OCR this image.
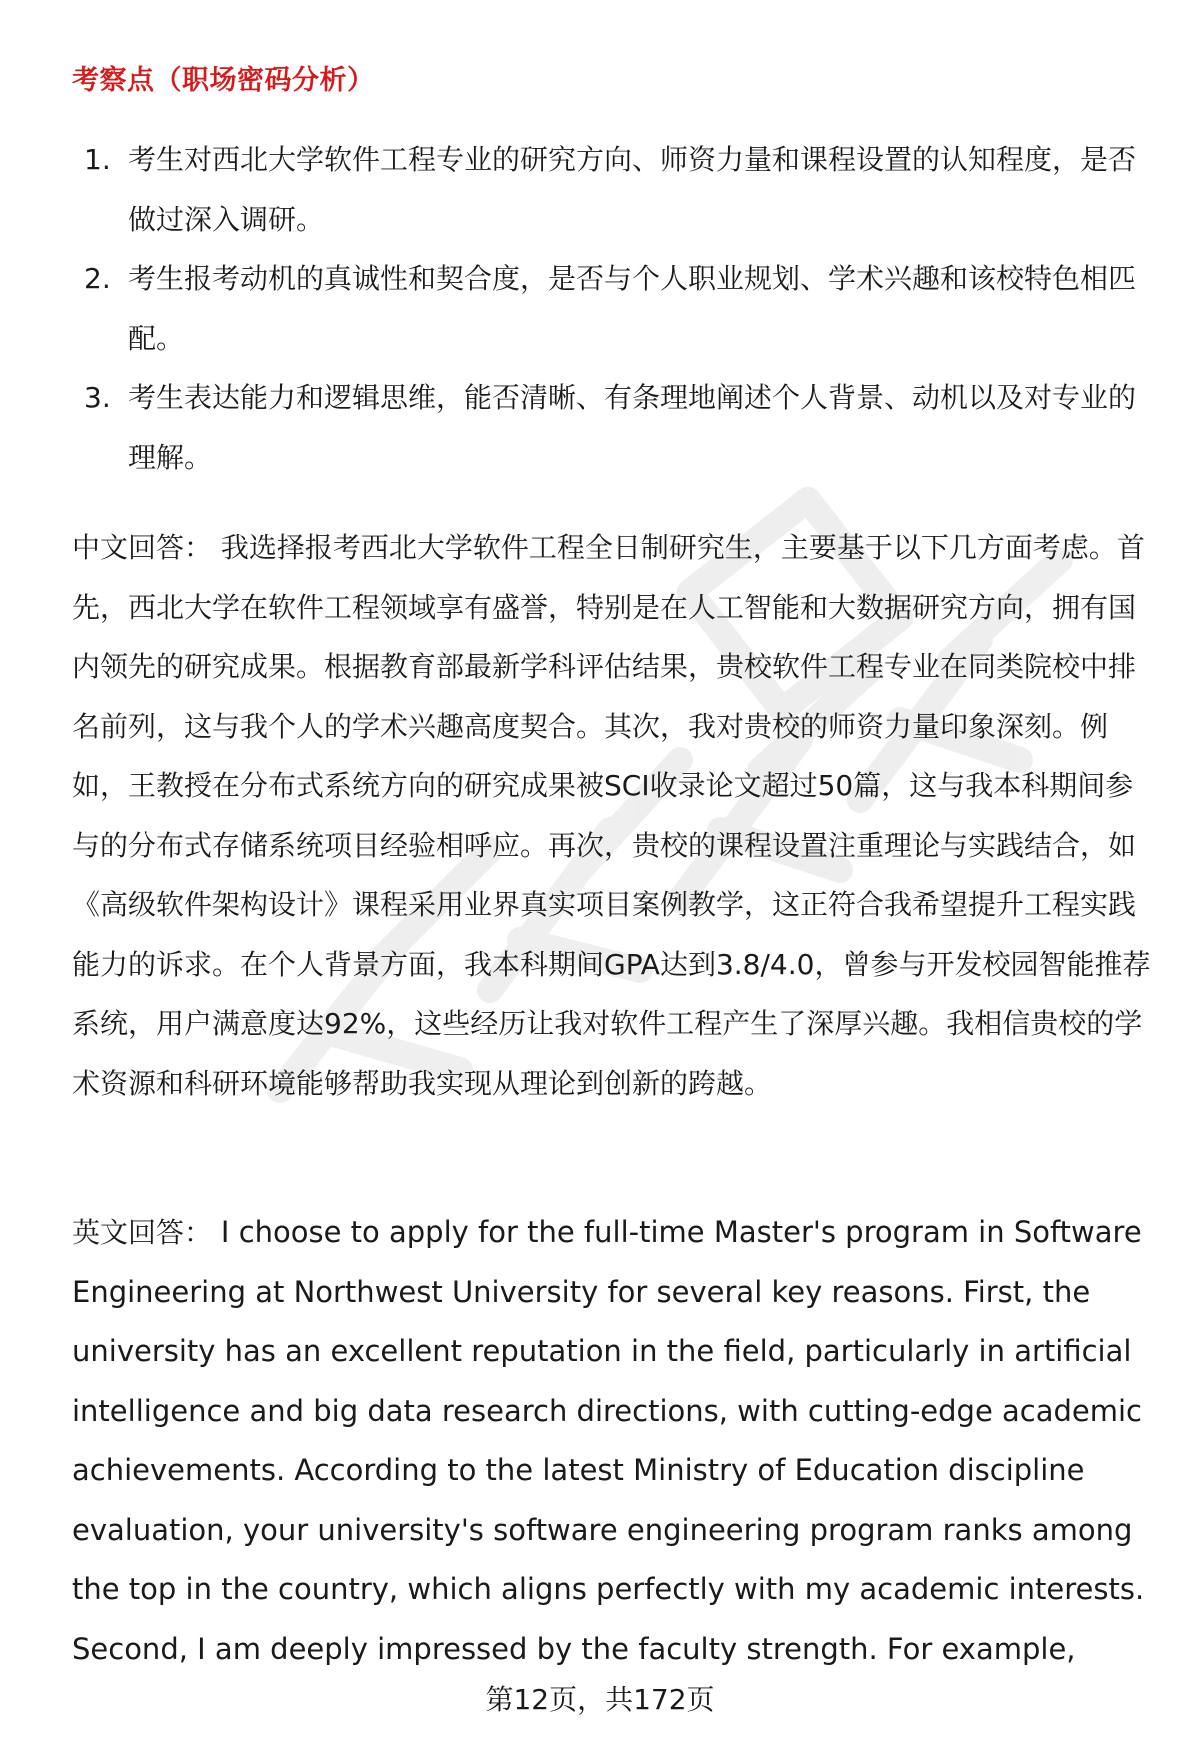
考察点（职场密码分析）
1. 考生对西北大学软件工程专业的研究方向、师资力量和课程设置的认知程度，是否做过深入调研。
2. 考生报考动机的真诚性和契合度，是否与个人职业规划、学术兴趣和该校特色相匹配。
3. 考生表达能力和逻辑思维，能否清晰、有条理地阐述个人背景、动机以及对专业的理解。

中文回答： 我选择报考西北大学软件工程全日制研究生，主要基于以下几方面考虑。首先，西北大学在软件工程领域享有盛誉，特别是在人工智能和大数据研究方向，拥有国内领先的研究成果。根据教育部最新学科评估结果，贵校软件工程专业在同类院校中排名前列，这与我个人的学术兴趣高度契合。其次，我对贵校的师资力量印象深刻。例如，王教授在分布式系统方向的研究成果被SCI收录论文超过50篇，这与我本科期间参与的分布式存储系统项目经验相呼应。再次，贵校的课程设置注重理论与实践结合，如《高级软件架构设计》课程采用业界真实项目案例教学，这正符合我希望提升工程实践能力的诉求。在个人背景方面，我本科期间GPA达到3.8/4.0，曾参与开发校园智能推荐系统，用户满意度达92%，这些经历让我对软件工程产生了深厚兴趣。我相信贵校的学术资源和科研环境能够帮助我实现从理论到创新的跨越。

英文回答： I choose to apply for the full-time Master's program in Software Engineering at Northwest University for several key reasons. First, the university has an excellent reputation in the field, particularly in artificial intelligence and big data research directions, with cutting-edge academic achievements. According to the latest Ministry of Education discipline evaluation, your university's software engineering program ranks among the top in the country, which aligns perfectly with my academic interests. Second, I am deeply impressed by the faculty strength. For example,

第12页，共172页
